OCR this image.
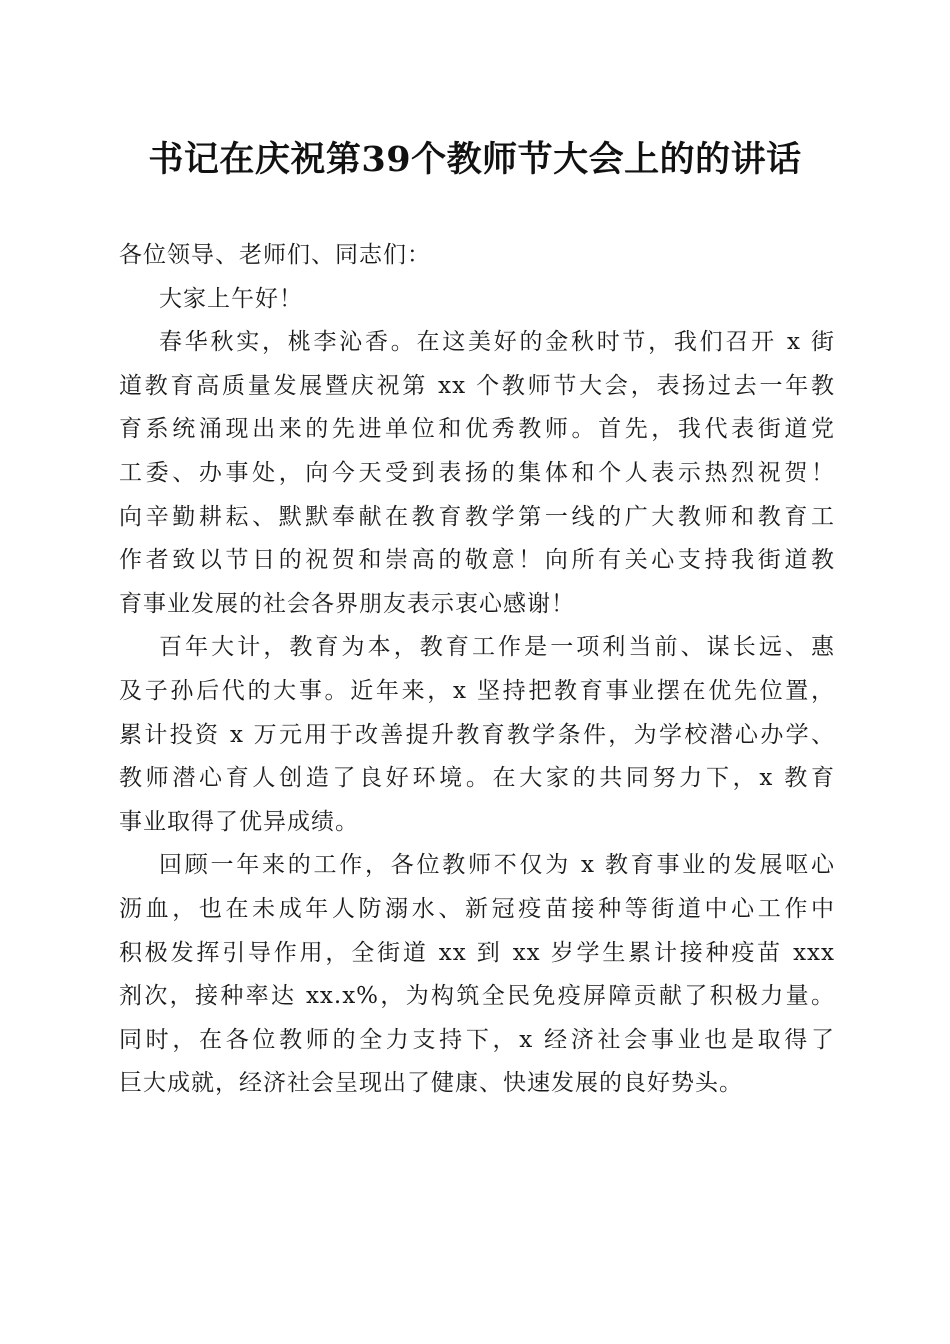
书记在庆祝第39个教师节大会上的的讲话
各位领导、老师们、同志们：
大家上午好！
春华秋实，桃李沁香。在这美好的金秋时节，我们召开 x 街
道教育高质量发展暨庆祝第 xx 个教师节大会，表扬过去一年教
育系统涌现出来的先进单位和优秀教师。首先，我代表街道党
工委、办事处，向今天受到表扬的集体和个人表示热烈祝贺！
向辛勤耕耘、默默奉献在教育教学第一线的广大教师和教育工
作者致以节日的祝贺和崇高的敬意！向所有关心支持我街道教
育事业发展的社会各界朋友表示衷心感谢！
百年大计，教育为本，教育工作是一项利当前、谋长远、惠
及子孙后代的大事。近年来，x 坚持把教育事业摆在优先位置，
累计投资 x 万元用于改善提升教育教学条件，为学校潜心办学、
教师潜心育人创造了良好环境。在大家的共同努力下，x 教育
事业取得了优异成绩。
回顾一年来的工作，各位教师不仅为 x 教育事业的发展呕心
沥血，也在未成年人防溺水、新冠疫苗接种等街道中心工作中
积极发挥引导作用，全街道 xx 到 xx 岁学生累计接种疫苗 xxx
剂次，接种率达 xx.x%，为构筑全民免疫屏障贡献了积极力量。
同时，在各位教师的全力支持下，x 经济社会事业也是取得了
巨大成就，经济社会呈现出了健康、快速发展的良好势头。
